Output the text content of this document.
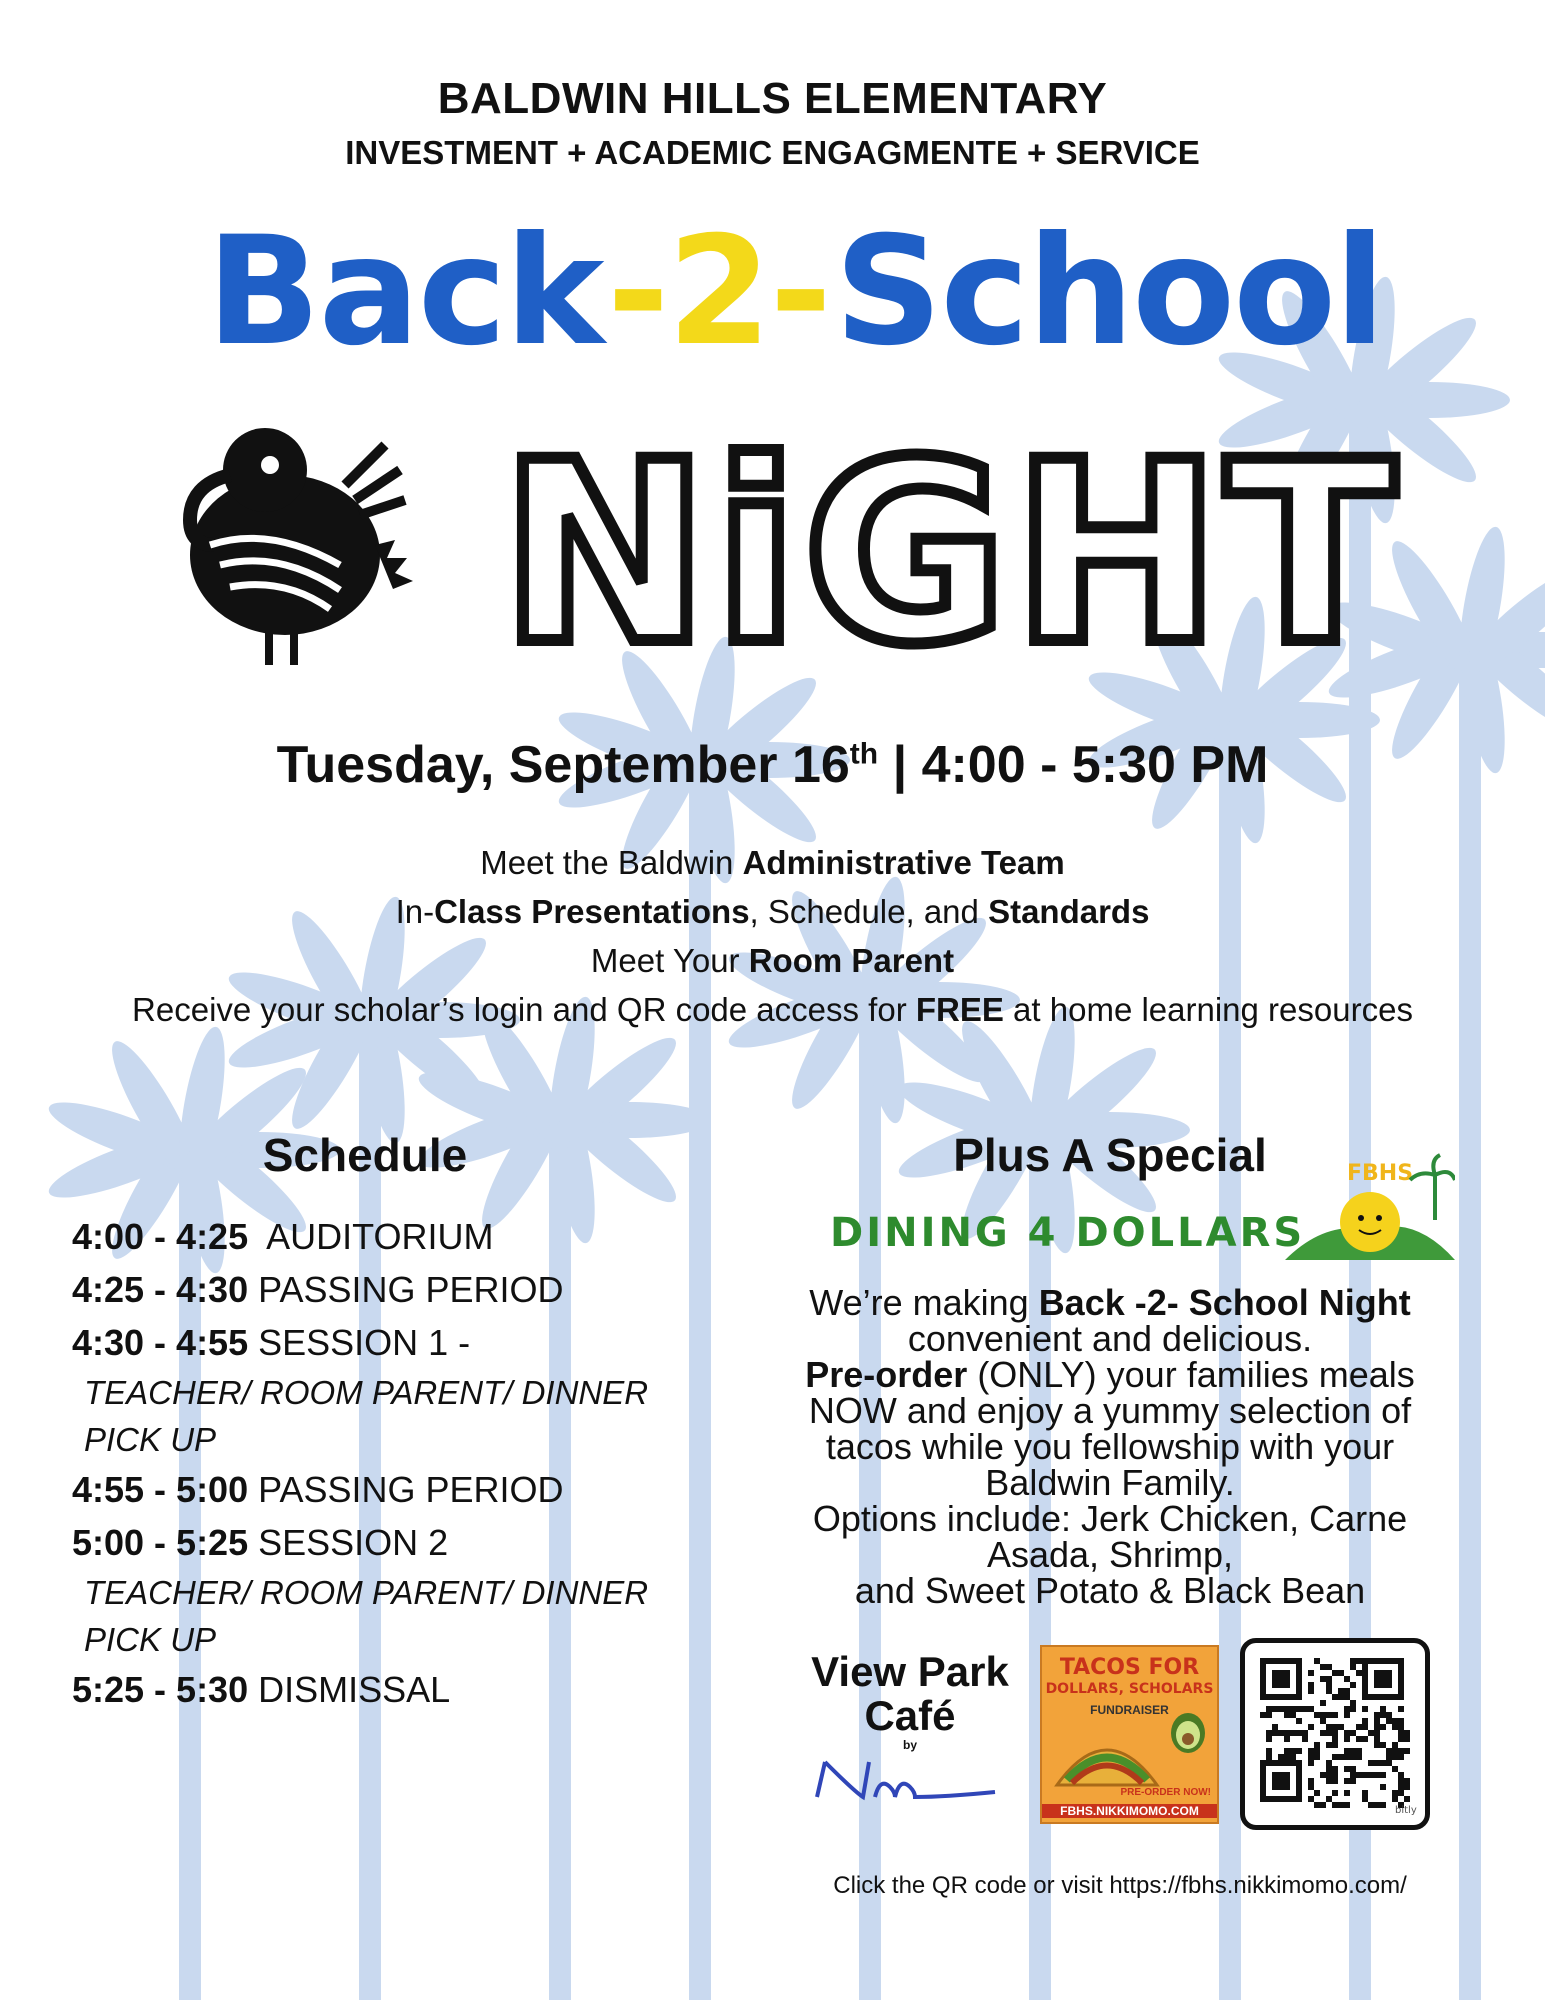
BALDWIN HILLS ELEMENTARY
INVESTMENT + ACADEMIC ENGAGMENTE + SERVICE
Back -2- School
NiGHT
Tuesday, September 16th | 4:00 - 5:30 PM
Meet the Baldwin Administrative Team
In-Class Presentations, Schedule, and Standards
Meet Your Room Parent
Receive your scholar’s login and QR code access for FREE at home learning resources
Schedule
4:00 - 4:25  AUDITORIUM
4:25 - 4:30 PASSING PERIOD
4:30 - 4:55 SESSION 1 -
TEACHER/ ROOM PARENT/ DINNER PICK UP
4:55 - 5:00 PASSING PERIOD
5:00 - 5:25 SESSION 2
TEACHER/ ROOM PARENT/ DINNER PICK UP
5:25 - 5:30 DISMISSAL
Plus A Special
DINING 4 DOLLARS
FBHS
We’re making Back -2- School Night
convenient and delicious.
Pre-order (ONLY) your families meals NOW and enjoy a yummy selection of tacos while you fellowship with your Baldwin Family.
Options include: Jerk Chicken, Carne Asada, Shrimp,
and Sweet Potato & Black Bean
View Park Café
by
TACOS FOR
DOLLARS, SCHOLARS
FUNDRAISER
PRE-ORDER NOW!
FBHS.NIKKIMOMO.COM	bitly
Click the QR code or visit https://fbhs.nikkimomo.com/
